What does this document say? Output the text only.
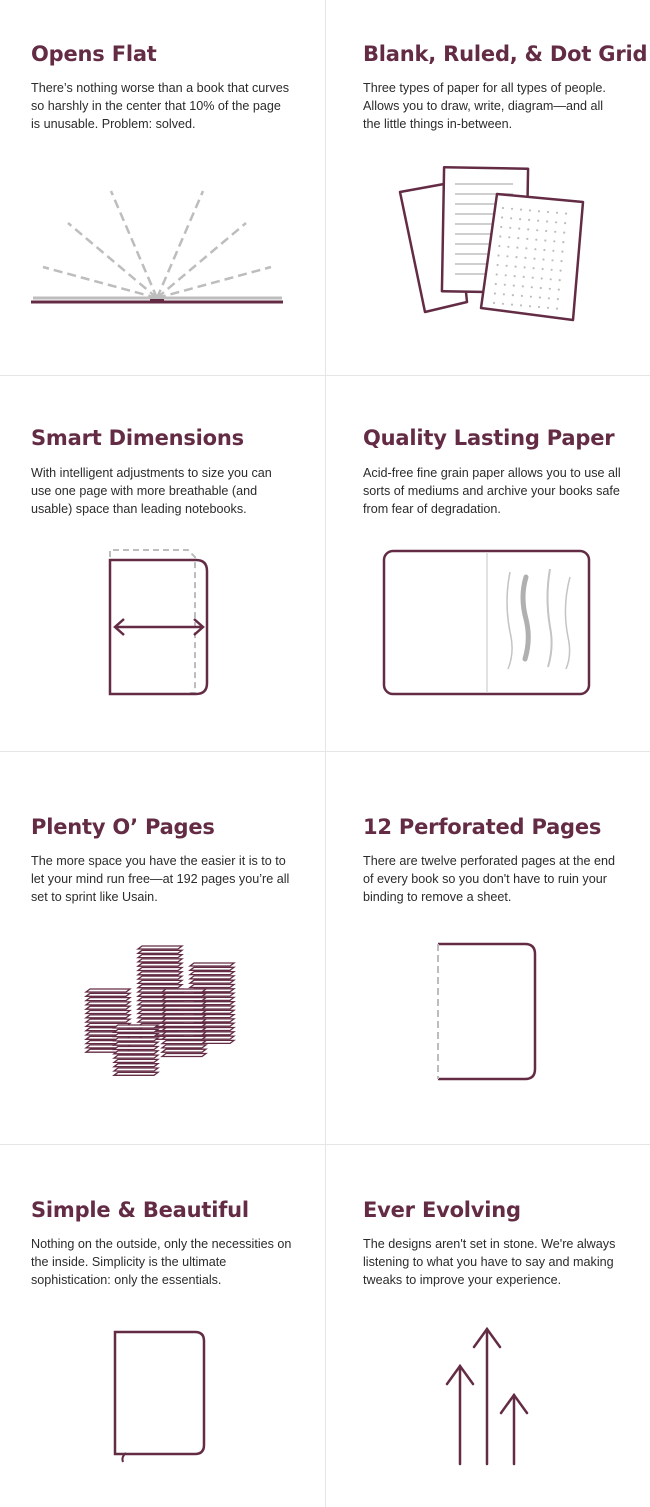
Opens Flat
There’s nothing worse than a book that curves so harshly in the center that 10% of the page is unusable. Problem: solved.
Blank, Ruled, & Dot Grid
Three types of paper for all types of people. Allows you to draw, write, diagram—and all the little things in-between.
Smart Dimensions
With intelligent adjustments to size you can use one page with more breathable (and usable) space than leading notebooks.
Quality Lasting Paper
Acid-free fine grain paper allows you to use all sorts of mediums and archive your books safe from fear of degradation.
Plenty O’ Pages
The more space you have the easier it is to to let your mind run free—at 192 pages you’re all set to sprint like Usain.
12 Perforated Pages
There are twelve perforated pages at the end of every book so you don't have to ruin your binding to remove a sheet.
Simple & Beautiful
Nothing on the outside, only the necessities on the inside. Simplicity is the ultimate sophistication: only the essentials.
Ever Evolving
The designs aren't set in stone. We're always listening to what you have to say and making tweaks to improve your experience.
